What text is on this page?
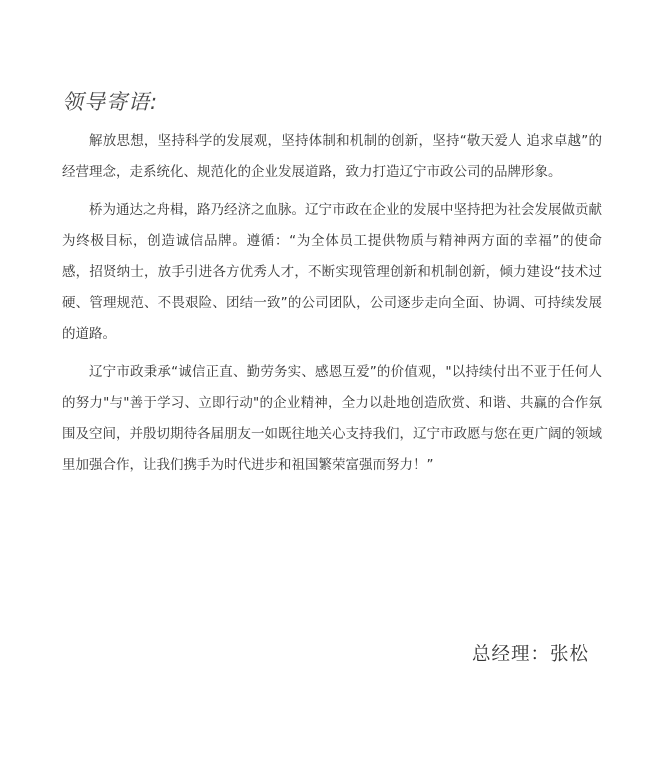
领导寄语:

解放思想，坚持科学的发展观，坚持体制和机制的创新，坚持“敬天爱人 追求卓越”的经营理念，走系统化、规范化的企业发展道路，致力打造辽宁市政公司的品牌形象。

桥为通达之舟楫，路乃经济之血脉。辽宁市政在企业的发展中坚持把为社会发展做贡献为终极目标，创造诚信品牌。遵循：“为全体员工提供物质与精神两方面的幸福”的使命感，招贤纳士，放手引进各方优秀人才，不断实现管理创新和机制创新，倾力建设“技术过硬、管理规范、不畏艰险、团结一致”的公司团队，公司逐步走向全面、协调、可持续发展的道路。

辽宁市政秉承“诚信正直、勤劳务实、感恩互爱”的价值观，"以持续付出不亚于任何人的努力"与"善于学习、立即行动"的企业精神，全力以赴地创造欣赏、和谐、共赢的合作氛围及空间，并殷切期待各届朋友一如既往地关心支持我们，辽宁市政愿与您在更广阔的领域里加强合作，让我们携手为时代进步和祖国繁荣富强而努力！”

总经理：张松
